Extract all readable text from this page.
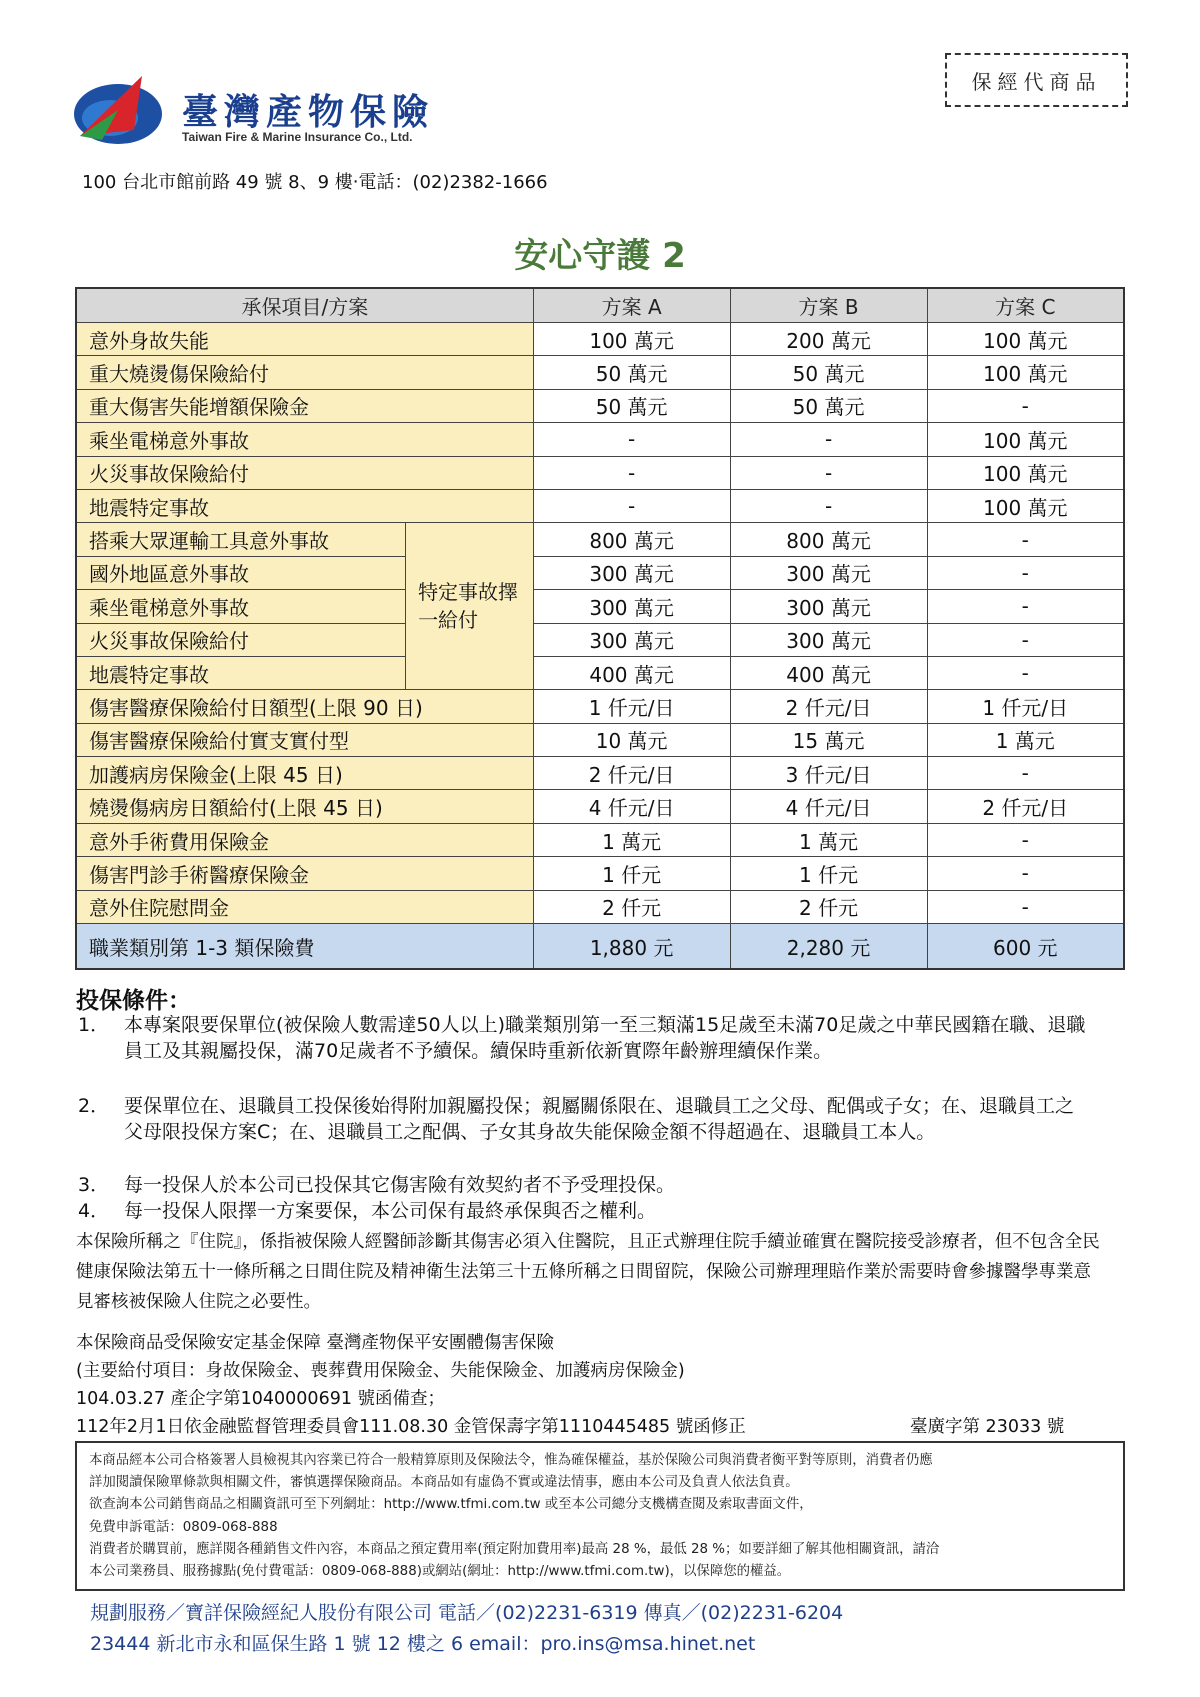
臺灣產物保險
Taiwan Fire & Marine Insurance Co., Ltd.
保經代商品
100 台北市館前路 49 號 8、9 樓‧電話：(02)2382-1666
安心守護 2
承保項目/方案		方案 A	方案 B	方案 C
意外身故失能		100 萬元	200 萬元	100 萬元
重大燒燙傷保險給付		50 萬元	50 萬元	100 萬元
重大傷害失能增額保險金		50 萬元	50 萬元	-
乘坐電梯意外事故		-	-	100 萬元
火災事故保險給付		-	-	100 萬元
地震特定事故		-	-	100 萬元
搭乘大眾運輸工具意外事故	特定事故擇一給付	800 萬元	800 萬元	-
國外地區意外事故		300 萬元	300 萬元	-
乘坐電梯意外事故		300 萬元	300 萬元	-
火災事故保險給付		300 萬元	300 萬元	-
地震特定事故		400 萬元	400 萬元	-
傷害醫療保險給付日額型(上限 90 日)		1 仟元/日	2 仟元/日	1 仟元/日
傷害醫療保險給付實支實付型		10 萬元	15 萬元	1 萬元
加護病房保險金(上限 45 日)		2 仟元/日	3 仟元/日	-
燒燙傷病房日額給付(上限 45 日)		4 仟元/日	4 仟元/日	2 仟元/日
意外手術費用保險金		1 萬元	1 萬元	-
傷害門診手術醫療保險金		1 仟元	1 仟元	-
意外住院慰問金		2 仟元	2 仟元	-
職業類別第 1-3 類保險費		1,880 元	2,280 元	600 元
投保條件：
1． 本專案限要保單位(被保險人數需達50人以上)職業類別第一至三類滿15足歲至未滿70足歲之中華民國籍在職、退職員工及其親屬投保，滿70足歲者不予續保。續保時重新依新實際年齡辦理續保作業。
2． 要保單位在、退職員工投保後始得附加親屬投保；親屬關係限在、退職員工之父母、配偶或子女；在、退職員工之父母限投保方案C；在、退職員工之配偶、子女其身故失能保險金額不得超過在、退職員工本人。
3． 每一投保人於本公司已投保其它傷害險有效契約者不予受理投保。
4． 每一投保人限擇一方案要保，本公司保有最終承保與否之權利。
本保險所稱之『住院』，係指被保險人經醫師診斷其傷害必須入住醫院，且正式辦理住院手續並確實在醫院接受診療者，但不包含全民健康保險法第五十一條所稱之日間住院及精神衛生法第三十五條所稱之日間留院，保險公司辦理理賠作業於需要時會參據醫學專業意見審核被保險人住院之必要性。
本保險商品受保險安定基金保障 臺灣產物保平安團體傷害保險
(主要給付項目：身故保險金、喪葬費用保險金、失能保險金、加護病房保險金)
104.03.27 產企字第1040000691 號函備查；
112年2月1日依金融監督管理委員會111.08.30 金管保壽字第1110445485 號函修正	臺廣字第 23033 號
本商品經本公司合格簽署人員檢視其內容業已符合一般精算原則及保險法令，惟為確保權益，基於保險公司與消費者衡平對等原則，消費者仍應
詳加閱讀保險單條款與相關文件，審慎選擇保險商品。本商品如有虛偽不實或違法情事，應由本公司及負責人依法負責。
欲查詢本公司銷售商品之相關資訊可至下列網址：http://www.tfmi.com.tw 或至本公司總分支機構查閱及索取書面文件，
免費申訴電話：0809-068-888
消費者於購買前，應詳閱各種銷售文件內容，本商品之預定費用率(預定附加費用率)最高 28 %，最低 28 %；如要詳細了解其他相關資訊，請洽
本公司業務員、服務據點(免付費電話：0809-068-888)或網站(網址：http://www.tfmi.com.tw)，以保障您的權益。
規劃服務／寶詳保險經紀人股份有限公司 電話／(02)2231-6319 傳真／(02)2231-6204
23444 新北市永和區保生路 1 號 12 樓之 6 email：pro.ins@msa.hinet.net
